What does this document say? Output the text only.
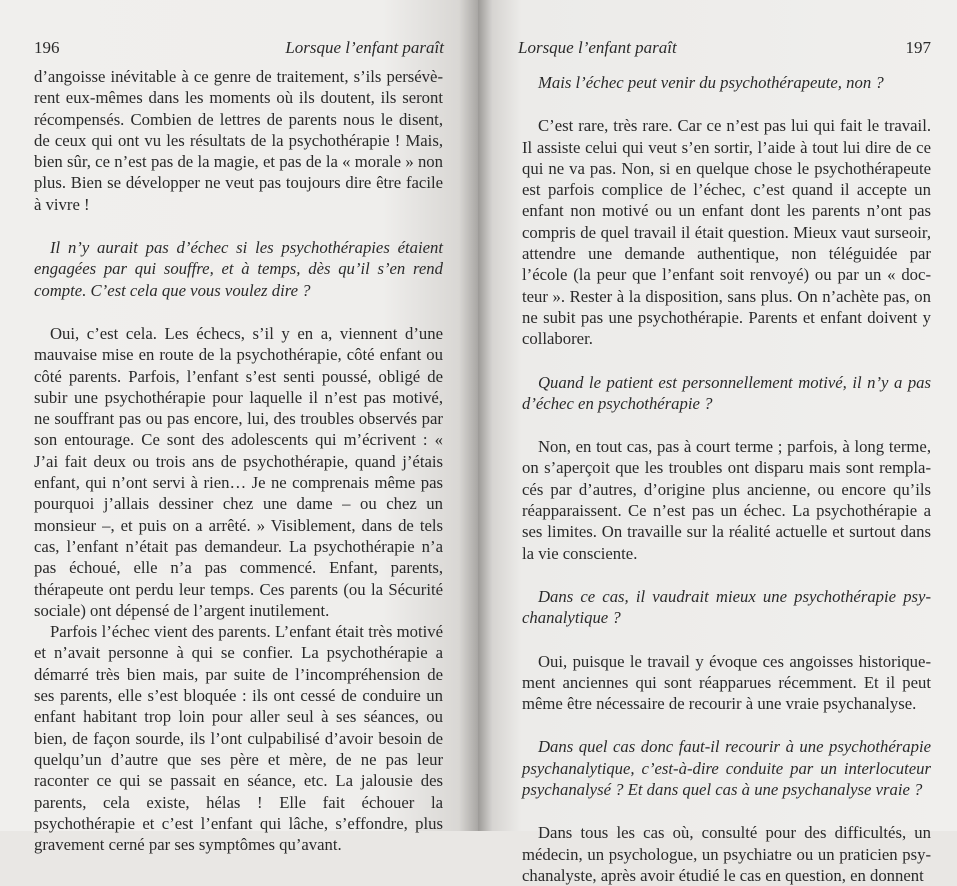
196	Lorsque l’enfant paraît

d’angoisse inévitable à ce genre de traitement, s’ils persévèrent eux-mêmes dans les moments où ils doutent, ils seront récompensés. Combien de lettres de parents nous le disent, de ceux qui ont vu les résultats de la psychothérapie ! Mais, bien sûr, ce n’est pas de la magie, et pas de la « morale » non plus. Bien se développer ne veut pas toujours dire être facile à vivre !

Il n’y aurait pas d’échec si les psychothérapies étaient engagées par qui souffre, et à temps, dès qu’il s’en rend compte. C’est cela que vous voulez dire ?

Oui, c’est cela. Les échecs, s’il y en a, viennent d’une mauvaise mise en route de la psychothérapie, côté enfant ou côté parents. Parfois, l’enfant s’est senti poussé, obligé de subir une psychothérapie pour laquelle il n’est pas motivé, ne souffrant pas ou pas encore, lui, des troubles observés par son entourage. Ce sont des adolescents qui m’écrivent : « J’ai fait deux ou trois ans de psychothérapie, quand j’étais enfant, qui n’ont servi à rien… Je ne comprenais même pas pourquoi j’allais dessiner chez une dame – ou chez un monsieur –, et puis on a arrêté. » Visiblement, dans de tels cas, l’enfant n’était pas demandeur. La psychothérapie n’a pas échoué, elle n’a pas commencé. Enfant, parents, thérapeute ont perdu leur temps. Ces parents (ou la Sécurité sociale) ont dépensé de l’argent inutilement.

Parfois l’échec vient des parents. L’enfant était très motivé et n’avait personne à qui se confier. La psychothérapie a démarré très bien mais, par suite de l’incompréhension de ses parents, elle s’est bloquée : ils ont cessé de conduire un enfant habitant trop loin pour aller seul à ses séances, ou bien, de façon sourde, ils l’ont culpabilisé d’avoir besoin de quelqu’un d’autre que ses père et mère, de ne pas leur raconter ce qui se passait en séance, etc. La jalousie des parents, cela existe, hélas ! Elle fait échouer la psychothérapie et c’est l’enfant qui lâche, s’effondre, plus gravement cerné par ses symptômes qu’avant.

Lorsque l’enfant paraît	197

Mais l’échec peut venir du psychothérapeute, non ?

C’est rare, très rare. Car ce n’est pas lui qui fait le travail. Il assiste celui qui veut s’en sortir, l’aide à tout lui dire de ce qui ne va pas. Non, si en quelque chose le psychothérapeute est parfois complice de l’échec, c’est quand il accepte un enfant non motivé ou un enfant dont les parents n’ont pas compris de quel travail il était question. Mieux vaut surseoir, attendre une demande authentique, non téléguidée par l’école (la peur que l’enfant soit renvoyé) ou par un « docteur ». Rester à la disposition, sans plus. On n’achète pas, on ne subit pas une psychothérapie. Parents et enfant doivent y collaborer.

Quand le patient est personnellement motivé, il n’y a pas d’échec en psychothérapie ?

Non, en tout cas, pas à court terme ; parfois, à long terme, on s’aperçoit que les troubles ont disparu mais sont remplacés par d’autres, d’origine plus ancienne, ou encore qu’ils réapparaissent. Ce n’est pas un échec. La psychothérapie a ses limites. On travaille sur la réalité actuelle et surtout dans la vie consciente.

Dans ce cas, il vaudrait mieux une psychothérapie psychanalytique ?

Oui, puisque le travail y évoque ces angoisses historiquement anciennes qui sont réapparues récemment. Et il peut même être nécessaire de recourir à une vraie psychanalyse.

Dans quel cas donc faut-il recourir à une psychothérapie psychanalytique, c’est-à-dire conduite par un interlocuteur psychanalysé ? Et dans quel cas à une psychanalyse vraie ?

Dans tous les cas où, consulté pour des difficultés, un médecin, un psychologue, un psychiatre ou un praticien psychanalyste, après avoir étudié le cas en question, en donnent
